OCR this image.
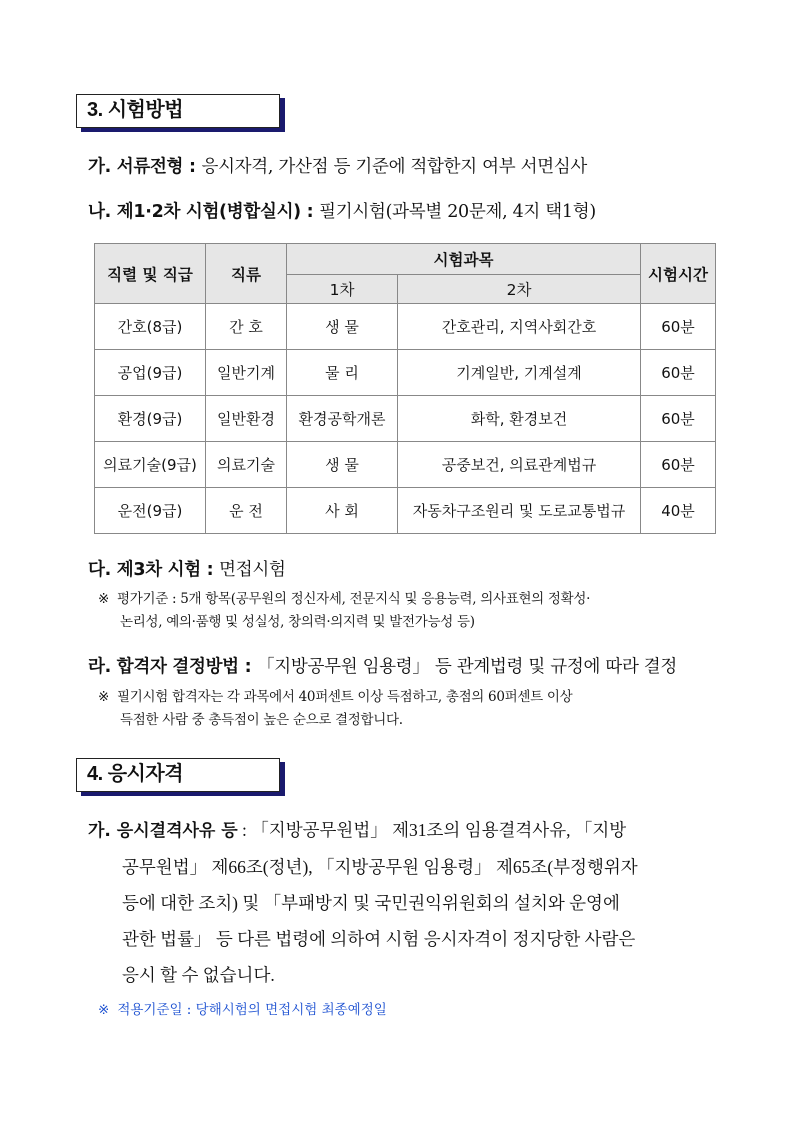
3. 시험방법
가. 서류전형 : 응시자격, 가산점 등 기준에 적합한지 여부 서면심사
나. 제1·2차 시험(병합실시) : 필기시험(과목별 20문제, 4지 택1형)
직렬 및 직급	직류	시험과목		시험시간
		1차	2차	
간호(8급)	간 호	생 물	간호관리, 지역사회간호	60분
공업(9급)	일반기계	물 리	기계일반, 기계설계	60분
환경(9급)	일반환경	환경공학개론	화학, 환경보건	60분
의료기술(9급)	의료기술	생 물	공중보건, 의료관계법규	60분
운전(9급)	운 전	사 회	자동차구조원리 및 도로교통법규	40분
다. 제3차 시험 : 면접시험
※ 평가기준 : 5개 항목(공무원의 정신자세, 전문지식 및 응용능력, 의사표현의 정확성·
논리성, 예의·품행 및 성실성, 창의력·의지력 및 발전가능성 등)
라. 합격자 결정방법 : 「지방공무원 임용령」 등 관계법령 및 규정에 따라 결정
※ 필기시험 합격자는 각 과목에서 40퍼센트 이상 득점하고, 총점의 60퍼센트 이상
득점한 사람 중 총득점이 높은 순으로 결정합니다.
4. 응시자격
가. 응시결격사유 등 : 「지방공무원법」 제31조의 임용결격사유, 「지방
공무원법」 제66조(정년), 「지방공무원 임용령」 제65조(부정행위자
등에 대한 조치) 및 「부패방지 및 국민권익위원회의 설치와 운영에
관한 법률」 등 다른 법령에 의하여 시험 응시자격이 정지당한 사람은
응시 할 수 없습니다.
※ 적용기준일 : 당해시험의 면접시험 최종예정일
